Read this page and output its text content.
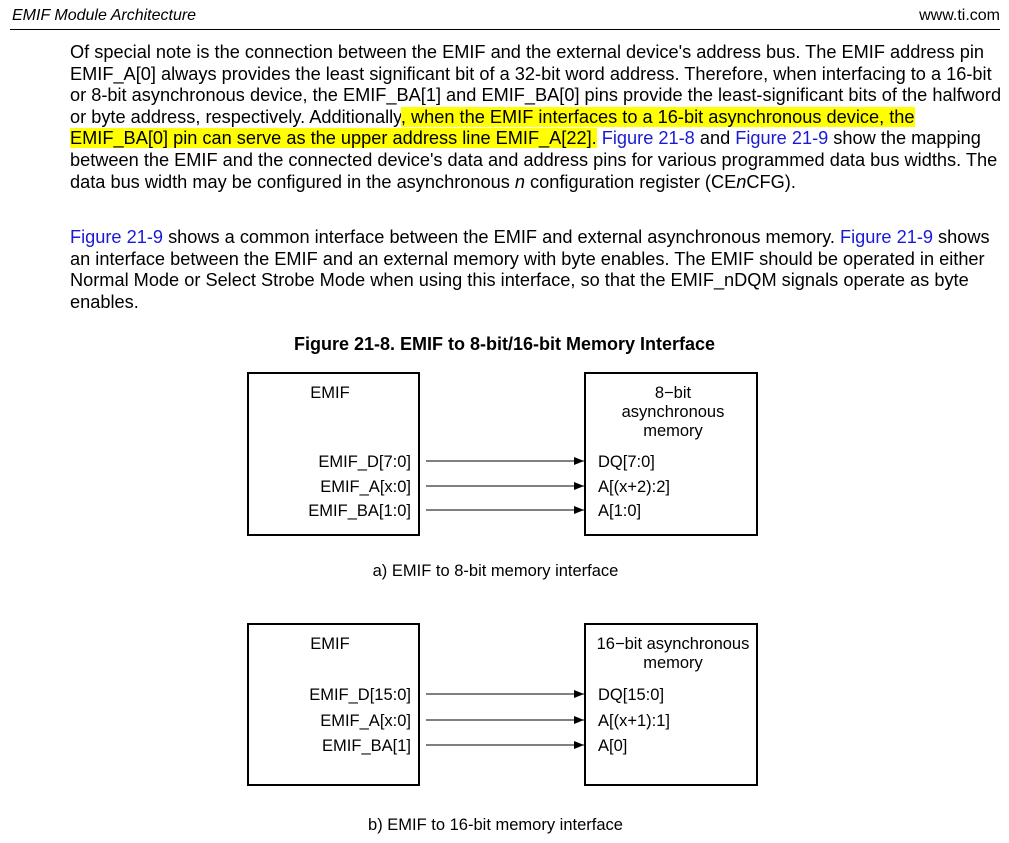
EMIF Module Architecture	www.ti.com

Of special note is the connection between the EMIF and the external device's address bus. The EMIF address pin EMIF_A[0] always provides the least significant bit of a 32-bit word address. Therefore, when interfacing to a 16-bit or 8-bit asynchronous device, the EMIF_BA[1] and EMIF_BA[0] pins provide the least-significant bits of the halfword or byte address, respectively. Additionally, when the EMIF interfaces to a 16-bit asynchronous device, the EMIF_BA[0] pin can serve as the upper address line EMIF_A[22]. Figure 21-8 and Figure 21-9 show the mapping between the EMIF and the connected device's data and address pins for various programmed data bus widths. The data bus width may be configured in the asynchronous n configuration register (CEnCFG).

Figure 21-9 shows a common interface between the EMIF and external asynchronous memory. Figure 21-9 shows an interface between the EMIF and an external memory with byte enables. The EMIF should be operated in either Normal Mode or Select Strobe Mode when using this interface, so that the EMIF_nDQM signals operate as byte enables.

Figure 21-8. EMIF to 8-bit/16-bit Memory Interface
EMIF	8−bit
asynchronous
memory
EMIF_D[7:0]	DQ[7:0]
EMIF_A[x:0]	A[(x+2):2]
EMIF_BA[1:0]	A[1:0]
EMIF	16−bit asynchronous
memory
EMIF_D[15:0]	DQ[15:0]
EMIF_A[x:0]	A[(x+1):1]
EMIF_BA[1]	A[0]
a) EMIF to 8-bit memory interface
b) EMIF to 16-bit memory interface
